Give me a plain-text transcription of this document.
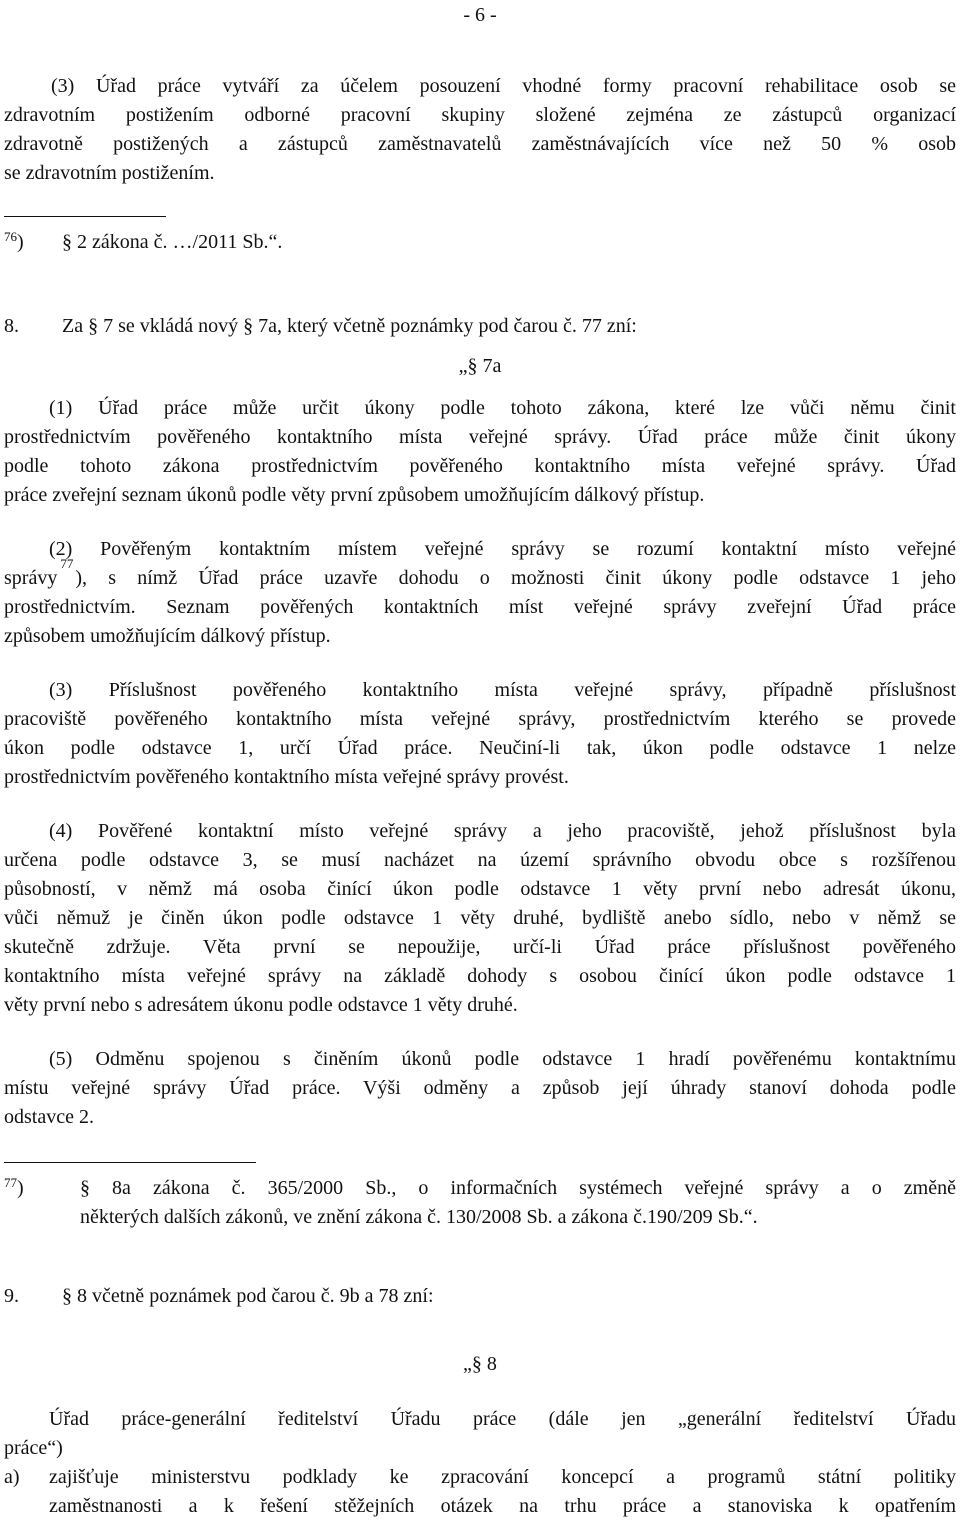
- 6 -
(3) Úřad práce vytváří za účelem posouzení vhodné formy pracovní rehabilitace osob se
zdravotním postižením odborné pracovní skupiny složené zejména ze zástupců organizací
zdravotně postižených a zástupců zaměstnavatelů zaměstnávajících více než 50 % osob
se zdravotním postižením.
$^{76}$) § 2 zákona č. …/2011 Sb.“.
8. Za § 7 se vkládá nový § 7a, který včetně poznámky pod čarou č. 77 zní:
„§ 7a
(1) Úřad práce může určit úkony podle tohoto zákona, které lze vůči němu činit
prostřednictvím pověřeného kontaktního místa veřejné správy. Úřad práce může činit úkony
podle tohoto zákona prostřednictvím pověřeného kontaktního místa veřejné správy. Úřad
práce zveřejní seznam úkonů podle věty první způsobem umožňujícím dálkový přístup.
(2) Pověřeným kontaktním místem veřejné správy se rozumí kontaktní místo veřejné
správy
77
), s nímž Úřad práce uzavře dohodu o možnosti činit úkony podle odstavce 1 jeho
prostřednictvím. Seznam pověřených kontaktních míst veřejné správy zveřejní Úřad práce
způsobem umožňujícím dálkový přístup.
(3) Příslušnost pověřeného kontaktního místa veřejné správy, případně příslušnost
pracoviště pověřeného kontaktního místa veřejné správy, prostřednictvím kterého se provede
úkon podle odstavce 1, určí Úřad práce. Neučiní-li tak, úkon podle odstavce 1 nelze
prostřednictvím pověřeného kontaktního místa veřejné správy provést.
(4) Pověřené kontaktní místo veřejné správy a jeho pracoviště, jehož příslušnost byla
určena podle odstavce 3, se musí nacházet na území správního obvodu obce s rozšířenou
působností, v němž má osoba činící úkon podle odstavce 1 věty první nebo adresát úkonu,
vůči němuž je činěn úkon podle odstavce 1 věty druhé, bydliště anebo sídlo, nebo v němž se
skutečně zdržuje. Věta první se nepoužije, určí-li Úřad práce příslušnost pověřeného
kontaktního místa veřejné správy na základě dohody s osobou činící úkon podle odstavce 1
věty první nebo s adresátem úkonu podle odstavce 1 věty druhé.
(5) Odměnu spojenou s činěním úkonů podle odstavce 1 hradí pověřenému kontaktnímu
místu veřejné správy Úřad práce. Výši odměny a způsob její úhrady stanoví dohoda podle
odstavce 2.
$^{77}$)	§ 8a zákona č. 365/2000 Sb., o informačních systémech veřejné správy a o změně
některých dalších zákonů, ve znění zákona č. 130/2008 Sb. a zákona č.190/209 Sb.“.
9. § 8 včetně poznámek pod čarou č. 9b a 78 zní:
„§ 8
Úřad práce-generální ředitelství Úřadu práce (dále jen „generální ředitelství Úřadu
práce“)
a) zajišťuje ministerstvu podklady ke zpracování koncepcí a programů státní politiky
zaměstnanosti a k řešení stěžejních otázek na trhu práce a stanoviska k opatřením
